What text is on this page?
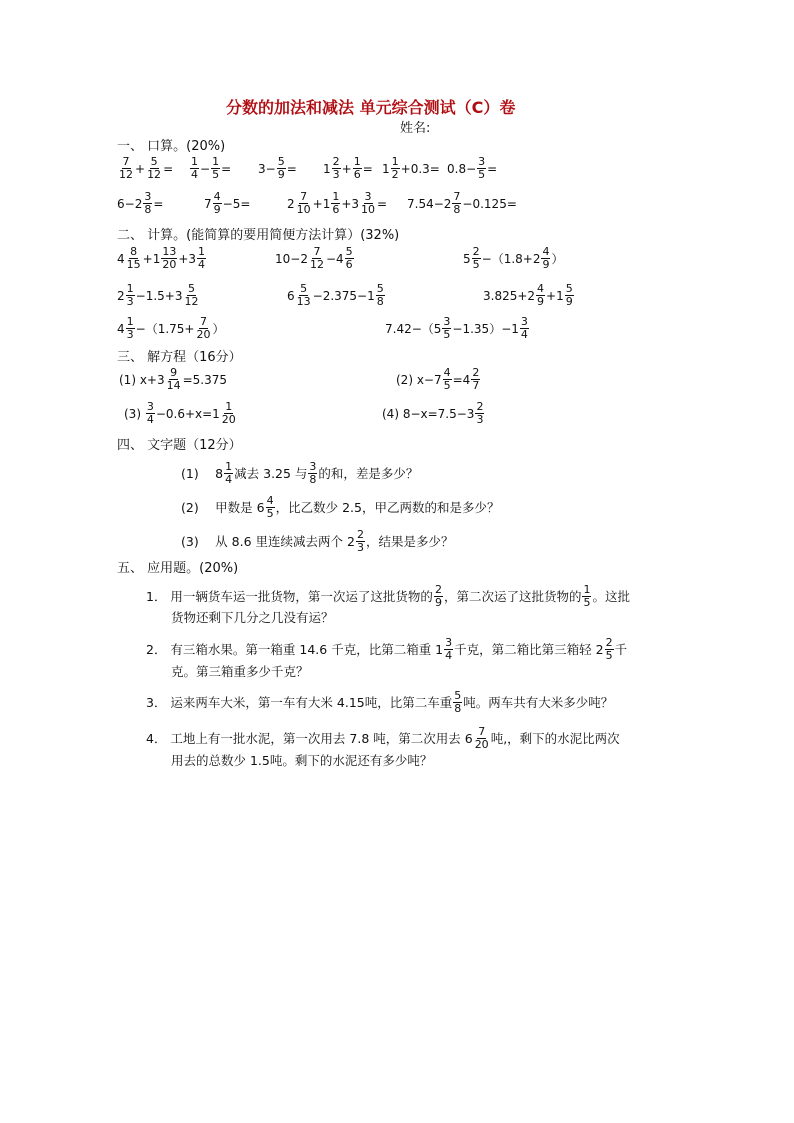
分数的加法和减法 单元综合测试（C）卷
姓名:
一、 口算。(20%)
$\frac{7}{12} + \frac{5}{12} = \frac{1}{4} - \frac{1}{5} = 3- \frac{5}{9} = 1 \frac{2}{3} + \frac{1}{6} = 1 \frac{1}{2} +0.3= 0.8- \frac{3}{5}$ =
$6-2 \frac{3}{8}$ =	$7 \frac{4}{9} -5=$	$2 \frac{7}{10} +1 \frac{1}{6} +3 \frac{3}{10} = 7.54-2 \frac{7}{8} -0.125=$
二、 计算。(能简算的要用简便方法计算）(32%)
$4 \frac{8}{15} +1 \frac{13}{20} +3 \frac{1}{4}$	$10-2 \frac{7}{12} -4 \frac{5}{6}$	$5 \frac{2}{5} -(1.8+2 \frac{4}{9}$ ）
$2 \frac{1}{3} -1.5+3 \frac{5}{12}$	$6 \frac{5}{13} -2.375-1 \frac{5}{8}$	$3.825+2 \frac{4}{9} +1 \frac{5}{9}$
$4 \frac{1}{3} -(1.75+ \frac{7}{20}$ ）	$7.42-(5 \frac{3}{5} -1.35)-1 \frac{3}{4}$
三、 解方程（16分）
(1) $x+3 \frac{9}{14} =5.375$	(2) $x-7 \frac{4}{5} =4 \frac{2}{7}$
$(3) \frac{3}{4} -0.6+x=1 \frac{1}{20}$	(4) $8-x=7.5-3 \frac{2}{3}$
四、 文字题（12分）
(1)　 $8 \frac{1}{4}$ 减去 3.25 与 $\frac{3}{8}$ 的和，差是多少？
(2)　 甲数是 $6 \frac{4}{5}$ ，比乙数少 2.5，甲乙两数的和是多少？
(3)　 从 8.6 里连续减去两个 $2 \frac{2}{3}$ ，结果是多少？
五、 应用题。(20%)
1． 用一辆货车运一批货物，第一次运了这批货物的 $\frac{2}{9}$ ，第二次运了这批货物的 $\frac{1}{5}$ 。这批
货物还剩下几分之几没有运？
2． 有三箱水果。第一箱重 14.6 千克，比第二箱重 $1 \frac{3}{4}$ 千克，第二箱比第三箱轻 $2 \frac{2}{5}$ 千
克。第三箱重多少千克？
3． 运来两车大米，第一车有大米 4.15吨，比第二车重 $\frac{5}{8}$ 吨。两车共有大米多少吨？
4． 工地上有一批水泥，第一次用去 7.8 吨，第二次用去 $6 \frac{7}{20}$ 吨,，剩下的水泥比两次
用去的总数少 1.5吨。剩下的水泥还有多少吨？
